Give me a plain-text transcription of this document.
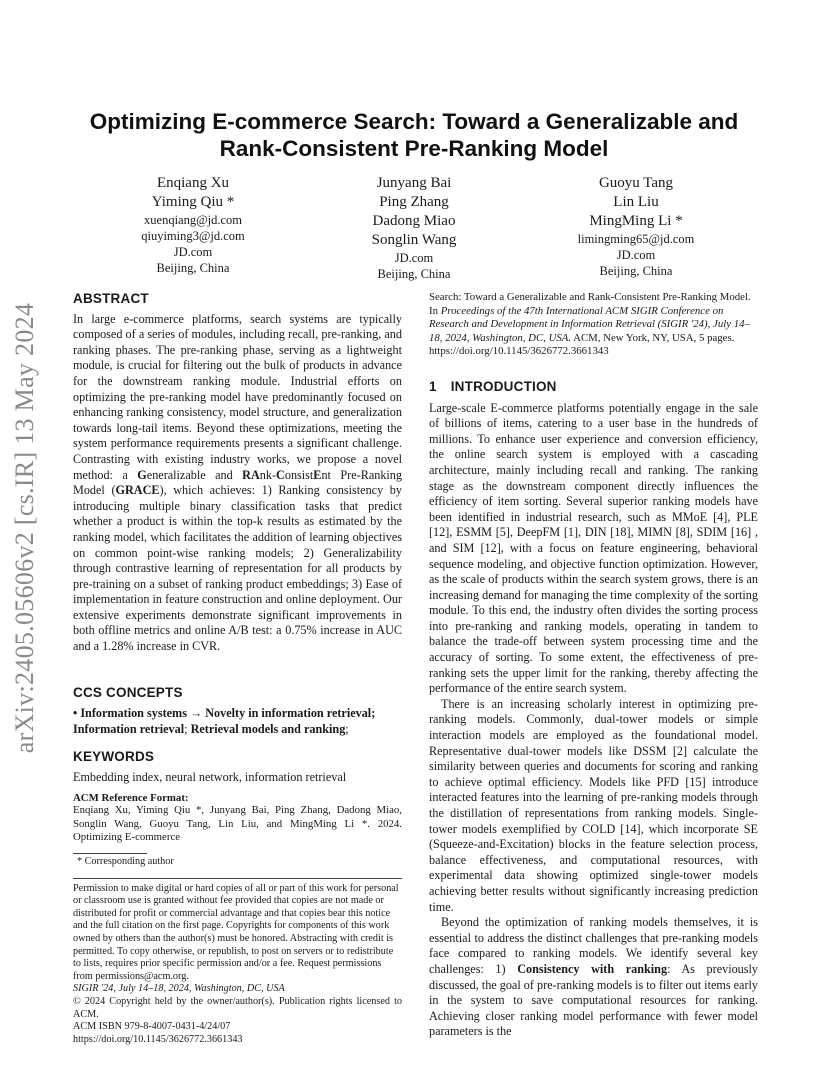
arXiv:2405.05606v2 [cs.IR] 13 May 2024
Optimizing E-commerce Search: Toward a Generalizable and
Rank-Consistent Pre-Ranking Model
Enqiang Xu
Yiming Qiu *
xuenqiang@jd.com
qiuyiming3@jd.com
JD.com
Beijing, China
Junyang Bai
Ping Zhang
Dadong Miao
Songlin Wang
JD.com
Beijing, China
Guoyu Tang
Lin Liu
MingMing Li *
limingming65@jd.com
JD.com
Beijing, China
ABSTRACT

In large e-commerce platforms, search systems are typically composed of a series of modules, including recall, pre-ranking, and ranking phases. The pre-ranking phase, serving as a lightweight module, is crucial for filtering out the bulk of products in advance for the downstream ranking module. Industrial efforts on optimizing the pre-ranking model have predominantly focused on enhancing ranking consistency, model structure, and generalization towards long-tail items. Beyond these optimizations, meeting the system performance requirements presents a significant challenge. Contrasting with existing industry works, we propose a novel method: a Generalizable and RAnk-ConsistEnt Pre-Ranking Model (GRACE), which achieves: 1) Ranking consistency by introducing multiple binary classification tasks that predict whether a product is within the top-k results as estimated by the ranking model, which facilitates the addition of learning objectives on common point-wise ranking models; 2) Generalizability through contrastive learning of representation for all products by pre-training on a subset of ranking product embeddings; 3) Ease of implementation in feature construction and online deployment. Our extensive experiments demonstrate significant improvements in both offline metrics and online A/B test: a 0.75% increase in AUC and a 1.28% increase in CVR.

CCS CONCEPTS

• Information systems → Novelty in information retrieval;
Information retrieval; Retrieval models and ranking;

KEYWORDS

Embedding index, neural network, information retrieval

ACM Reference Format:

Enqiang Xu, Yiming Qiu *, Junyang Bai, Ping Zhang, Dadong Miao, Songlin Wang, Guoyu Tang, Lin Liu, and MingMing Li *. 2024. Optimizing E-commerce

* Corresponding author

Permission to make digital or hard copies of all or part of this work for personal or classroom use is granted without fee provided that copies are not made or distributed for profit or commercial advantage and that copies bear this notice and the full citation on the first page. Copyrights for components of this work owned by others than the author(s) must be honored. Abstracting with credit is permitted. To copy otherwise, or republish, to post on servers or to redistribute to lists, requires prior specific permission and/or a fee. Request permissions from permissions@acm.org.

SIGIR '24, July 14–18, 2024, Washington, DC, USA

© 2024 Copyright held by the owner/author(s). Publication rights licensed to ACM.

ACM ISBN 979-8-4007-0431-4/24/07

https://doi.org/10.1145/3626772.3661343

Search: Toward a Generalizable and Rank-Consistent Pre-Ranking Model. In Proceedings of the 47th International ACM SIGIR Conference on Research and Development in Information Retrieval (SIGIR '24), July 14–18, 2024, Washington, DC, USA. ACM, New York, NY, USA, 5 pages. https://doi.org/10.1145/3626772.3661343

1 INTRODUCTION

Large-scale E-commerce platforms potentially engage in the sale of billions of items, catering to a user base in the hundreds of millions. To enhance user experience and conversion efficiency, the online search system is employed with a cascading architecture, mainly including recall and ranking. The ranking stage as the downstream component directly influences the efficiency of item sorting. Several superior ranking models have been identified in industrial research, such as MMoE [4], PLE [12], ESMM [5], DeepFM [1], DIN [18], MIMN [8], SDIM [16] , and SIM [12], with a focus on feature engineering, behavioral sequence modeling, and objective function optimization. However, as the scale of products within the search system grows, there is an increasing demand for managing the time complexity of the sorting module. To this end, the industry often divides the sorting process into pre-ranking and ranking models, operating in tandem to balance the trade-off between system processing time and the accuracy of sorting. To some extent, the effectiveness of pre-ranking sets the upper limit for the ranking, thereby affecting the performance of the entire search system.

There is an increasing scholarly interest in optimizing pre-ranking models. Commonly, dual-tower models or simple interaction models are employed as the foundational model. Representative dual-tower models like DSSM [2] calculate the similarity between queries and documents for scoring and ranking to achieve optimal efficiency. Models like PFD [15] introduce interacted features into the learning of pre-ranking models through the distillation of representations from ranking models. Single-tower models exemplified by COLD [14], which incorporate SE (Squeeze-and-Excitation) blocks in the feature selection process, balance effectiveness, and computational resources, with experimental data showing optimized single-tower models achieving better results without significantly increasing prediction time.

Beyond the optimization of ranking models themselves, it is essential to address the distinct challenges that pre-ranking models face compared to ranking models. We identify several key challenges: 1) Consistency with ranking: As previously discussed, the goal of pre-ranking models is to filter out items early in the system to save computational resources for ranking. Achieving closer ranking model performance with fewer model parameters is the
